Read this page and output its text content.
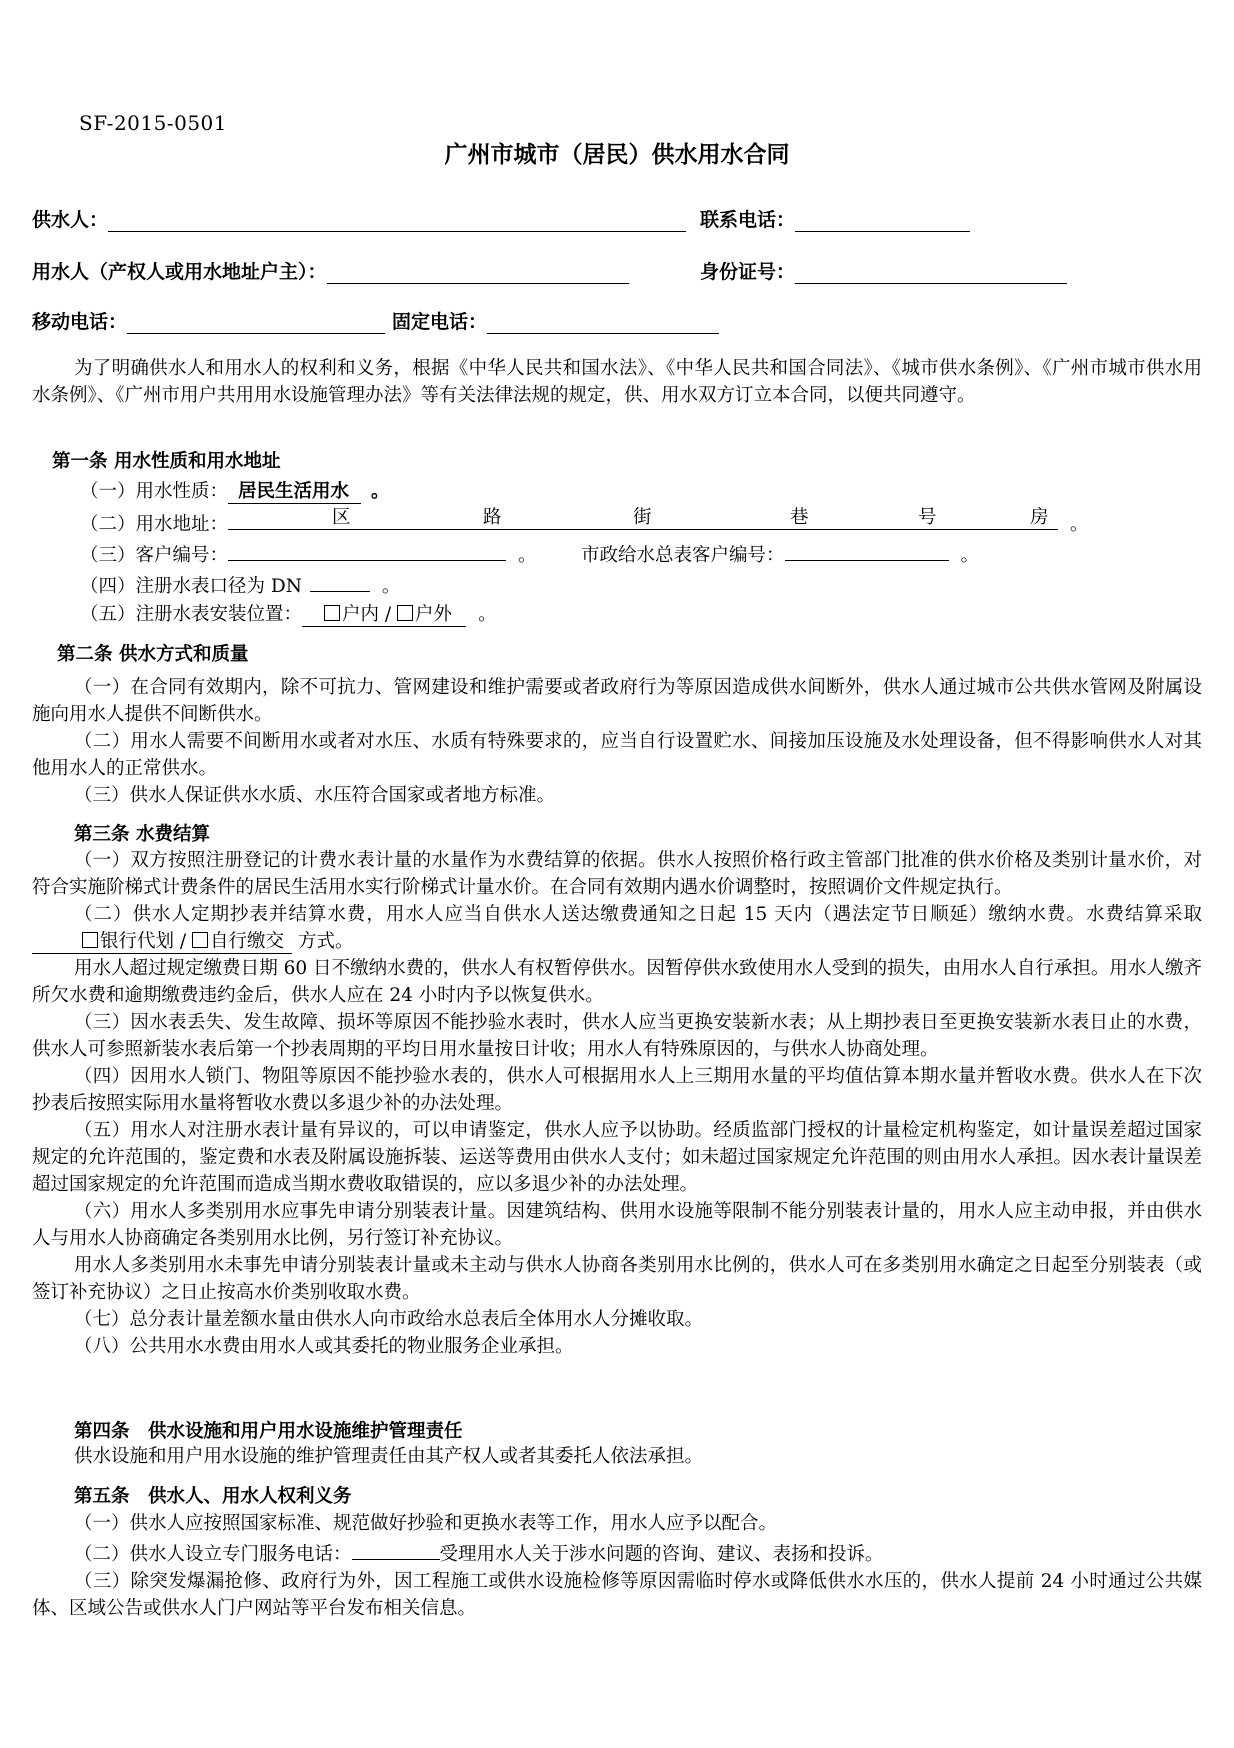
SF-2015-0501
广州市城市（居民）供水用水合同
供水人：	联系电话：
用水人（产权人或用水地址户主）：	身份证号：
移动电话：	固定电话：

为了明确供水人和用水人的权利和义务，根据《中华人民共和国水法》、《中华人民共和国合同法》、《城市供水条例》、《广州市城市供水用水条例》、《广州市用户共用用水设施管理办法》等有关法律法规的规定，供、用水双方订立本合同，以便共同遵守。

第一条 用水性质和用水地址
（一）用水性质： 居民生活用水 。
（二）用水地址：	区	路	街	巷	号	房 。
（三）客户编号：	。 市政给水总表客户编号：	。
（四）注册水表口径为 DN	。
（五）注册水表安装位置： 户内 / 户外 。
第二条 供水方式和质量

（一）在合同有效期内，除不可抗力、管网建设和维护需要或者政府行为等原因造成供水间断外，供水人通过城市公共供水管网及附属设施向用水人提供不间断供水。

（二）用水人需要不间断用水或者对水压、水质有特殊要求的，应当自行设置贮水、间接加压设施及水处理设备，但不得影响供水人对其他用水人的正常供水。

（三）供水人保证供水水质、水压符合国家或者地方标准。

第三条 水费结算

（一）双方按照注册登记的计费水表计量的水量作为水费结算的依据。供水人按照价格行政主管部门批准的供水价格及类别计量水价，对符合实施阶梯式计费条件的居民生活用水实行阶梯式计量水价。在合同有效期内遇水价调整时，按照调价文件规定执行。

（二）供水人定期抄表并结算水费，用水人应当自供水人送达缴费通知之日起 15 天内（遇法定节日顺延）缴纳水费。水费结算采取 银行代划 / 自行缴交 方式。

用水人超过规定缴费日期 60 日不缴纳水费的，供水人有权暂停供水。因暂停供水致使用水人受到的损失，由用水人自行承担。用水人缴齐所欠水费和逾期缴费违约金后，供水人应在 24 小时内予以恢复供水。

（三）因水表丢失、发生故障、损坏等原因不能抄验水表时，供水人应当更换安装新水表；从上期抄表日至更换安装新水表日止的水费，供水人可参照新装水表后第一个抄表周期的平均日用水量按日计收；用水人有特殊原因的，与供水人协商处理。

（四）因用水人锁门、物阻等原因不能抄验水表的，供水人可根据用水人上三期用水量的平均值估算本期水量并暂收水费。供水人在下次抄表后按照实际用水量将暂收水费以多退少补的办法处理。

（五）用水人对注册水表计量有异议的，可以申请鉴定，供水人应予以协助。经质监部门授权的计量检定机构鉴定，如计量误差超过国家规定的允许范围的，鉴定费和水表及附属设施拆装、运送等费用由供水人支付；如未超过国家规定允许范围的则由用水人承担。因水表计量误差超过国家规定的允许范围而造成当期水费收取错误的，应以多退少补的办法处理。

（六）用水人多类别用水应事先申请分别装表计量。因建筑结构、供用水设施等限制不能分别装表计量的，用水人应主动申报，并由供水人与用水人协商确定各类别用水比例，另行签订补充协议。

用水人多类别用水未事先申请分别装表计量或未主动与供水人协商各类别用水比例的，供水人可在多类别用水确定之日起至分别装表（或签订补充协议）之日止按高水价类别收取水费。

（七）总分表计量差额水量由供水人向市政给水总表后全体用水人分摊收取。

（八）公共用水水费由用水人或其委托的物业服务企业承担。

第四条　供水设施和用户用水设施维护管理责任

供水设施和用户用水设施的维护管理责任由其产权人或者其委托人依法承担。

第五条　供水人、用水人权利义务

（一）供水人应按照国家标准、规范做好抄验和更换水表等工作，用水人应予以配合。

（二）供水人设立专门服务电话：	受理用水人关于涉水问题的咨询、建议、表扬和投诉。

（三）除突发爆漏抢修、政府行为外，因工程施工或供水设施检修等原因需临时停水或降低供水水压的，供水人提前 24 小时通过公共媒体、区域公告或供水人门户网站等平台发布相关信息。
